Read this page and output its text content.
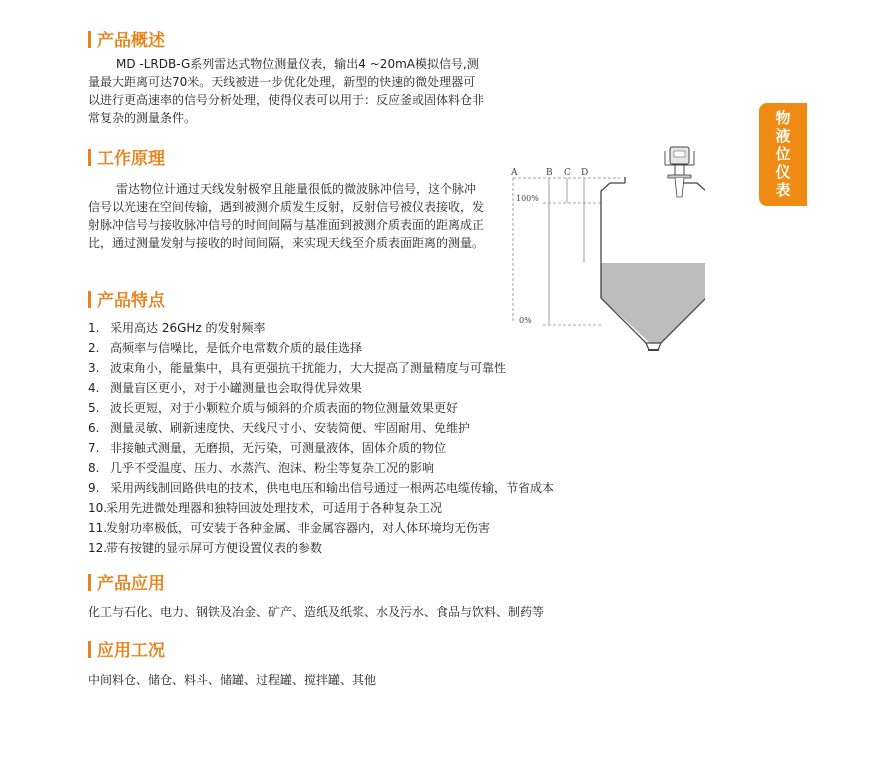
产品概述

MD -LRDB-G系列雷达式物位测量仪表，输出4 ~20mA模拟信号,测量最大距离可达70米。天线被进一步优化处理，新型的快速的微处理器可以进行更高速率的信号分析处理，使得仪表可以用于：反应釜或固体料仓非常复杂的测量条件。

工作原理

雷达物位计通过天线发射极窄且能量很低的微波脉冲信号，这个脉冲信号以光速在空间传输，遇到被测介质发生反射，反射信号被仪表接收，发射脉冲信号与接收脉冲信号的时间间隔与基准面到被测介质表面的距离成正比，通过测量发射与接收的时间间隔，来实现天线至介质表面距离的测量。

产品特点
1. 采用高达 26GHz 的发射频率
2. 高频率与信噪比，是低介电常数介质的最佳选择
3. 波束角小，能量集中，具有更强抗干扰能力，大大提高了测量精度与可靠性
4. 测量盲区更小，对于小罐测量也会取得优异效果
5. 波长更短，对于小颗粒介质与倾斜的介质表面的物位测量效果更好
6. 测量灵敏、刷新速度快、天线尺寸小、安装简便、牢固耐用、免维护
7. 非接触式测量，无磨损，无污染，可测量液体，固体介质的物位
8. 几乎不受温度、压力、水蒸汽、泡沫、粉尘等复杂工况的影响
9. 采用两线制回路供电的技术，供电电压和输出信号通过一根两芯电缆传输，节省成本
10.采用先进微处理器和独特回波处理技术，可适用于各种复杂工况
11.发射功率极低，可安装于各种金属、非金属容器内，对人体环境均无伤害
12.带有按键的显示屏可方便设置仪表的参数
产品应用

化工与石化、电力、钢铁及冶金、矿产、造纸及纸浆、水及污水、食品与饮料、制药等

应用工况

中间料仓、储仓、料斗、储罐、过程罐、搅拌罐、其他

物
液
位
仪
表
A	B C D
100%
0%
